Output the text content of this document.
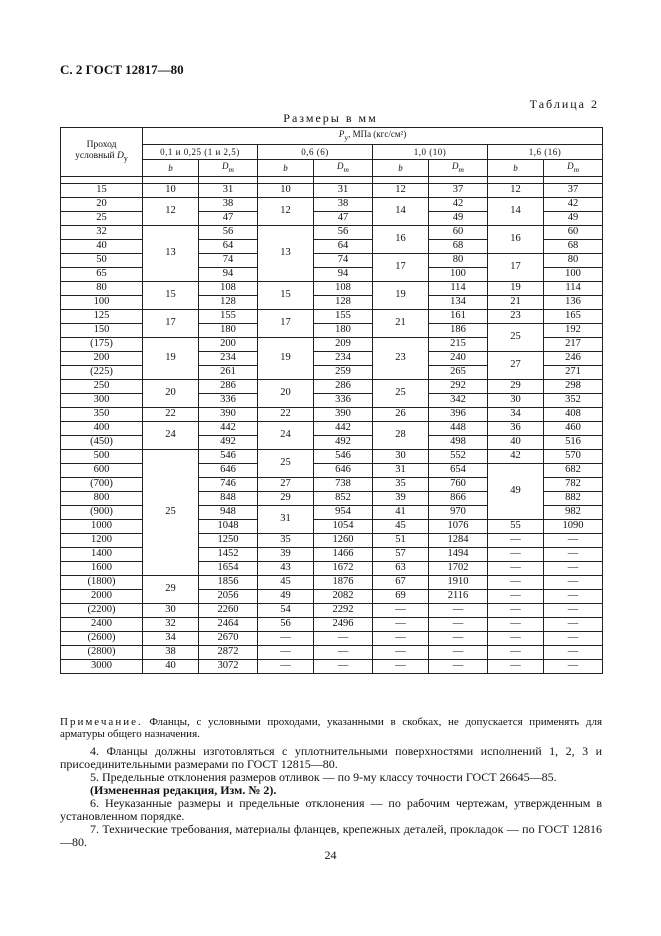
С. 2 ГОСТ 12817—80
Таблица 2
Размеры в мм
Проход
условный $D_у$	$P_у$, МПа (кгс/см²)							
	0,1 и 0,25 (1 и 2,5)		0,6 (6)		1,0 (10)		1,6 (16)	
	b	$D_m$	b	$D_m$	b	$D_m$	b	$D_m$

15	10	31	10	31	12	37	12	37
20	12	38	12	38	14	42	14	42
25		47		47		49		49
32	13	56	13	56	16	60	16	60
40		64		64		68		68
50		74		74	17	80	17	80
65		94		94		100		100
80	15	108	15	108	19	114	19	114
100		128		128		134	21	136
125	17	155	17	155	21	161	23	165
150		180		180		186	25	192
(175)	19	200	19	209	23	215		217
200		234		234		240	27	246
(225)		261		259		265		271
250	20	286	20	286	25	292	29	298
300		336		336		342	30	352
350	22	390	22	390	26	396	34	408
400	24	442	24	442	28	448	36	460
(450)		492		492		498	40	516
500	25	546	25	546	30	552	42	570
600		646		646	31	654	49	682
(700)		746	27	738	35	760		782
800		848	29	852	39	866		882
(900)		948	31	954	41	970		982
1000		1048		1054	45	1076	55	1090
1200		1250	35	1260	51	1284	—	—
1400		1452	39	1466	57	1494	—	—
1600		1654	43	1672	63	1702	—	—
(1800)	29	1856	45	1876	67	1910	—	—
2000		2056	49	2082	69	2116	—	—
(2200)	30	2260	54	2292	—	—	—	—
2400	32	2464	56	2496	—	—	—	—
(2600)	34	2670	—	—	—	—	—	—
(2800)	38	2872	—	—	—	—	—	—
3000	40	3072	—	—	—	—	—	—
Примечание. Фланцы, с условными проходами, указанными в скобках, не допускается применять для арматуры общего назначения.
4. Фланцы должны изготовляться с уплотнительными поверхностями исполнений 1, 2, 3 и присоединительными размерами по ГОСТ 12815—80.
5. Предельные отклонения размеров отливок — по 9-му классу точности ГОСТ 26645—85.
(Измененная редакция, Изм. № 2).
6. Неуказанные размеры и предельные отклонения — по рабочим чертежам, утвержденным в установленном порядке.
7. Технические требования, материалы фланцев, крепежных деталей, прокладок — по ГОСТ 12816—80.
24
